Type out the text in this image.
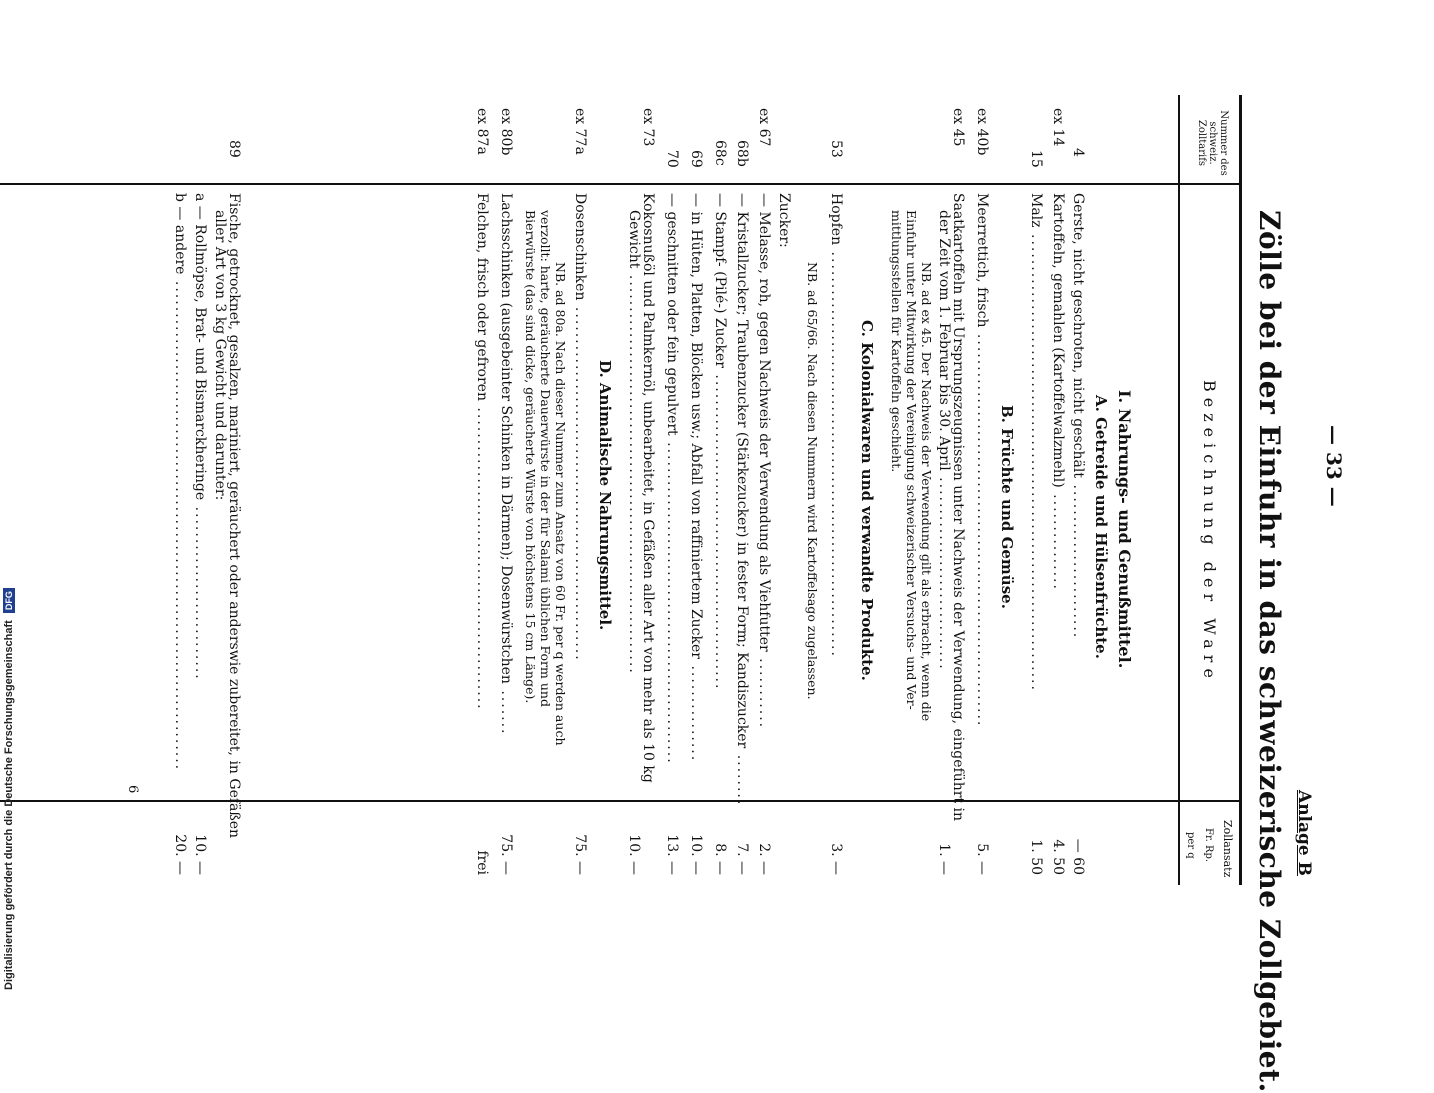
— 33 —
Anlage B
Zölle bei der Einfuhr in das schweizerische Zollgebiet.
Nummer des schweiz. Zolltarifs
Bezeichnung der Ware
Zollansatz
Fr. Rp.
per q
I. Nahrungs- und Genußmittel.
A. Getreide und Hülsenfrüchte.
4
Gerste, nicht geschroten, nicht geschält ........................
— 60
ex 14
Kartoffeln, gemahlen (Kartoffelwalzmehl) ...............
4. 50
15
Malz .......................................................................
1. 50
B. Früchte und Gemüse.
ex 40b
Meerrettich, frisch .............................................................
5. —
ex 45
Saatkartoffeln mit Ursprungszeugnissen unter Nachweis der Verwendung, eingeführt in
der Zeit vom 1. Februar bis 30. April ..............................
1. —
NB. ad ex 45. Der Nachweis der Verwendung gilt als erbracht, wenn die
Einfuhr unter Mitwirkung der Vereinigung schweizerischer Versuchs- und Ver-
mittlungsstellen für Kartoffeln geschieht.
C. Kolonialwaren und verwandte Produkte.
53
Hopfen ...............................................................
3. —
NB. ad 65/66. Nach diesen Nummern wird Kartoffelsago zugelassen.
Zucker:
ex 67
— Melasse, roh, gegen Nachweis der Verwendung als Viehfutter ...........
2. —
68b
— Kristallzucker; Traubenzucker (Stärkezucker) in fester Form; Kandiszucker ........
7. —
68c
— Stampf- (Pilé-) Zucker .................................................
8. —
69
— in Hüten, Platten, Blöcken usw.; Abfall von raffiniertem Zucker ...............
10. —
70
— geschnitten oder fein gepulvert ..................................................
13. —
ex 73
Kokosnußöl und Palmkernöl, unbearbeitet, in Gefäßen aller Art von mehr als 10 kg
Gewicht ..............................................................
10. —
D. Animalische Nahrungsmittel.
ex 77a
Dosenschinken .......................................................
75. —
NB. ad 80a. Nach dieser Nummer zum Ansatz von 60 Fr. per q werden auch
verzollt: harte, geräucherte Dauerwürste in der für Salami üblichen Form und
Bierwürste (das sind dicke, geräucherte Würste von höchstens 15 cm Länge).
ex 80b
Lachsschinken (ausgebeinter Schinken in Därmen); Dosenwürstchen .......
75. —
ex 87a
Felchen, frisch oder gefroren ...............................................
frei
89
Fische, getrocknet, gesalzen, mariniert, geräuchert oder anderswie zubereitet, in Gefäßen
aller Art von 3 kg Gewicht und darunter:
a — Rollmöpse, Brat- und Bismarckheringe ...........................
10. —
b — andere ............................................................................
20. —
6
Digitalisierung gefördert durch die Deutsche Forschungsgemeinschaft DFG
